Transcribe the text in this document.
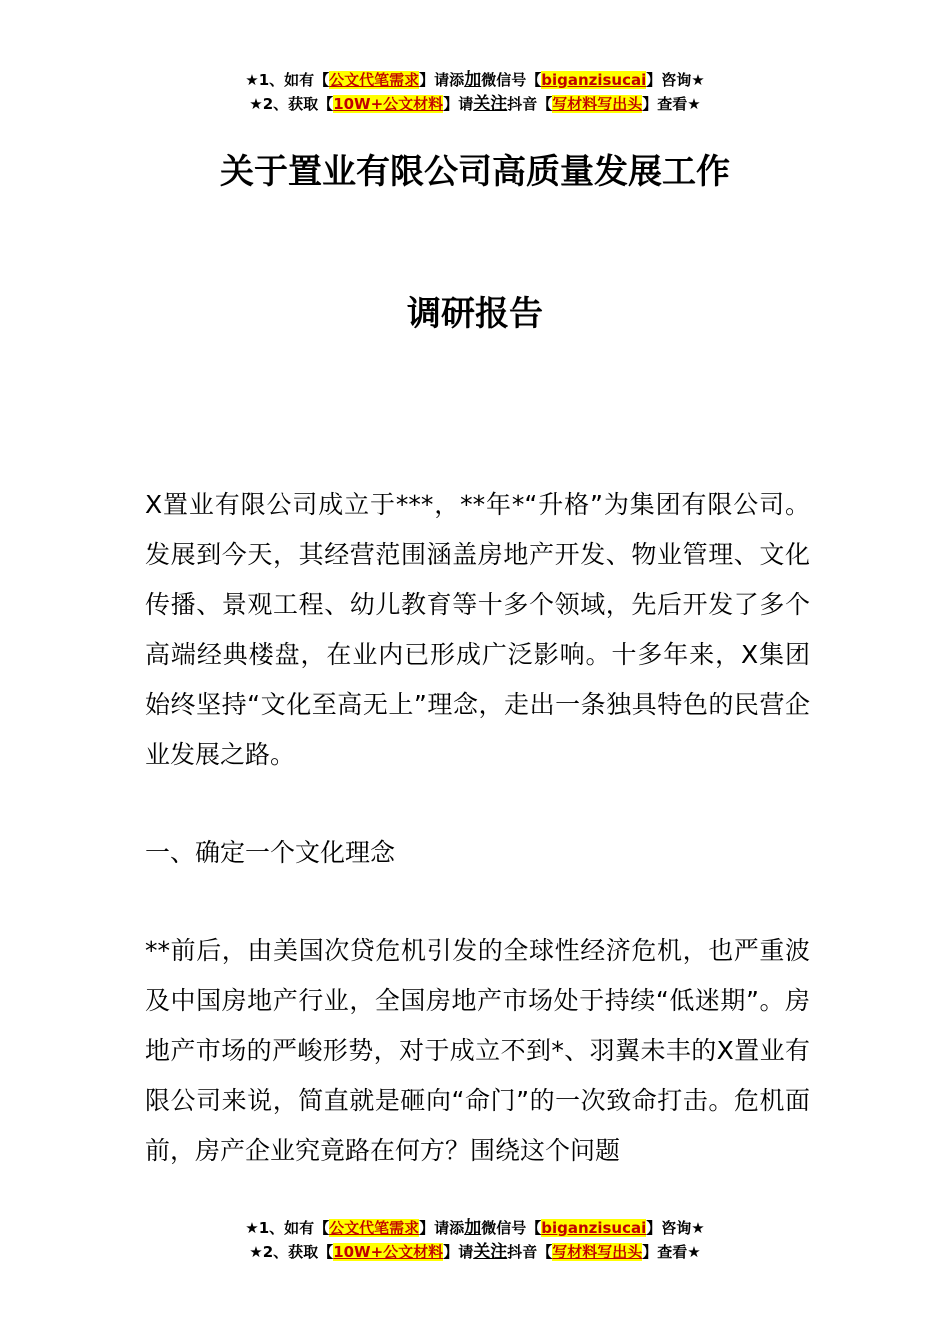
★1、如有【公文代笔需求】请添加微信号【biganzisucai】咨询★
★2、获取【10W+公文材料】请关注抖音【写材料写出头】查看★
关于置业有限公司高质量发展工作
调研报告

X置业有限公司成立于***，**年*“升格”为集团有限公司。发展到今天，其经营范围涵盖房地产开发、物业管理、文化传播、景观工程、幼儿教育等十多个领域，先后开发了多个高端经典楼盘，在业内已形成广泛影响。十多年来，X集团始终坚持“文化至高无上”理念，走出一条独具特色的民营企业发展之路。

一、确定一个文化理念

**前后，由美国次贷危机引发的全球性经济危机，也严重波及中国房地产行业，全国房地产市场处于持续“低迷期”。房地产市场的严峻形势，对于成立不到*、羽翼未丰的X置业有限公司来说，简直就是砸向“命门”的一次致命打击。危机面前，房产企业究竟路在何方？围绕这个问题

★1、如有【公文代笔需求】请添加微信号【biganzisucai】咨询★
★2、获取【10W+公文材料】请关注抖音【写材料写出头】查看★
